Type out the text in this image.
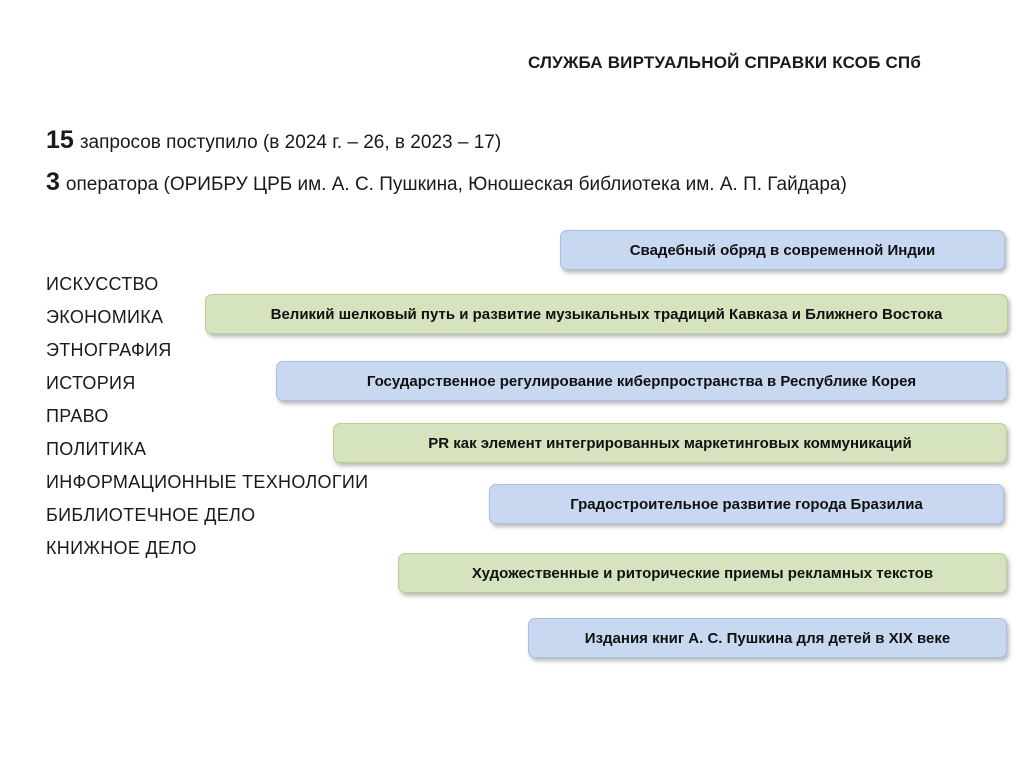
СЛУЖБА ВИРТУАЛЬНОЙ СПРАВКИ КСОБ СПб
15 запросов поступило (в 2024 г. – 26, в 2023 – 17)
3 оператора (ОРИБРУ ЦРБ им. А. С. Пушкина, Юношеская библиотека им. А. П. Гайдара)
ИСКУССТВО
ЭКОНОМИКА
ЭТНОГРАФИЯ
ИСТОРИЯ
ПРАВО
ПОЛИТИКА
ИНФОРМАЦИОННЫЕ ТЕХНОЛОГИИ
БИБЛИОТЕЧНОЕ ДЕЛО
КНИЖНОЕ ДЕЛО
Свадебный обряд в современной Индии
Великий шелковый путь и развитие музыкальных традиций Кавказа и Ближнего Востока
Государственное регулирование киберпространства в Республике Корея
PR как элемент интегрированных маркетинговых коммуникаций
Градостроительное развитие города Бразилиа
Художественные и риторические приемы рекламных текстов
Издания книг А. С. Пушкина для детей в XIX веке
